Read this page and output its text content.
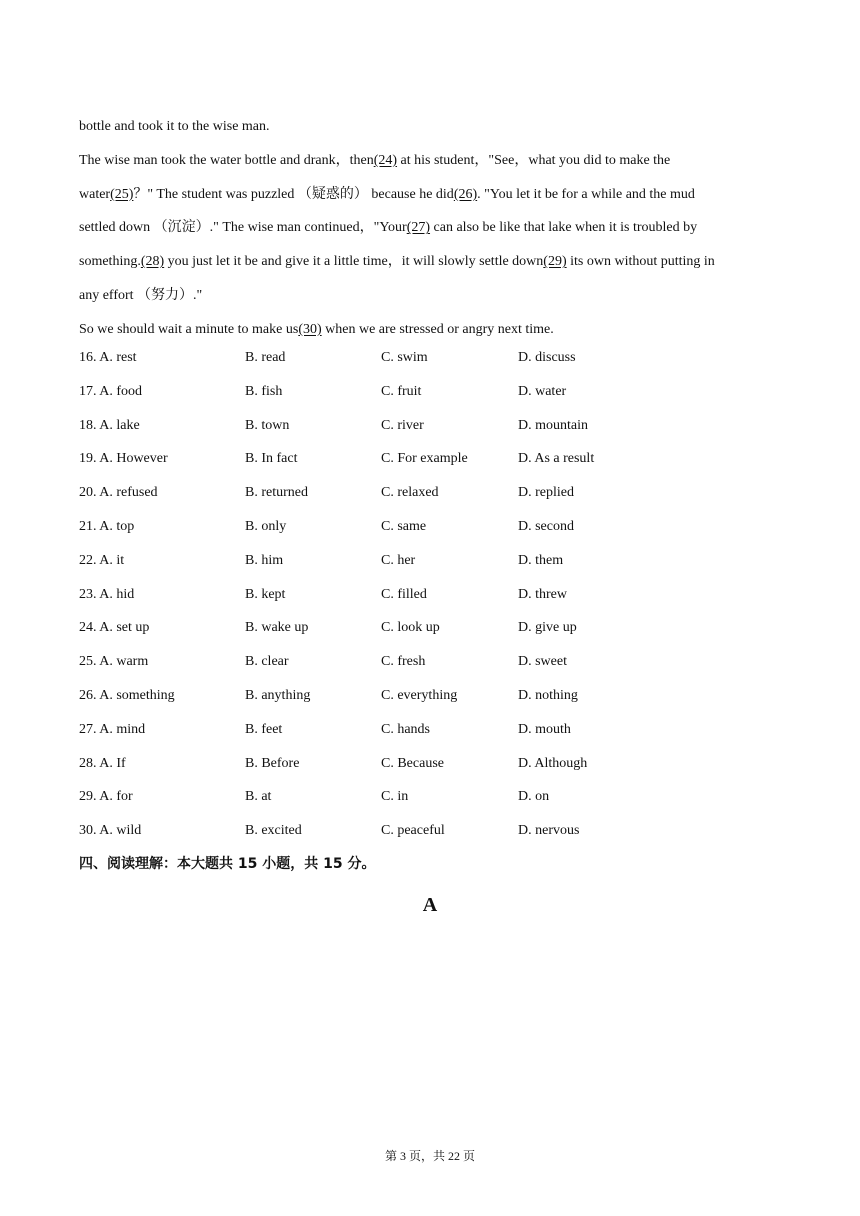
bottle and took it to the wise man.
The wise man took the water bottle and drank，then(24) at his student，"See，what you did to make the
water(25)？" The student was puzzled （疑惑的） because he did(26). "You let it be for a while and the mud
settled down （沉淀）." The wise man continued，"Your(27) can also be like that lake when it is troubled by
something.(28) you just let it be and give it a little time，it will slowly settle down(29) its own without putting in
any effort （努力）."
So we should wait a minute to make us(30) when we are stressed or angry next time.
16. A. rest	B. read	C. swim	D. discuss
17. A. food	B. fish	C. fruit	D. water
18. A. lake	B. town	C. river	D. mountain
19. A. However	B. In fact	C. For example	D. As a result
20. A. refused	B. returned	C. relaxed	D. replied
21. A. top	B. only	C. same	D. second
22. A. it	B. him	C. her	D. them
23. A. hid	B. kept	C. filled	D. threw
24. A. set up	B. wake up	C. look up	D. give up
25. A. warm	B. clear	C. fresh	D. sweet
26. A. something	B. anything	C. everything	D. nothing
27. A. mind	B. feet	C. hands	D. mouth
28. A. If	B. Before	C. Because	D. Although
29. A. for	B. at	C. in	D. on
30. A. wild	B. excited	C. peaceful	D. nervous
四、阅读理解：本大题共 15 小题，共 15 分。
A
第 3 页，共 22 页
